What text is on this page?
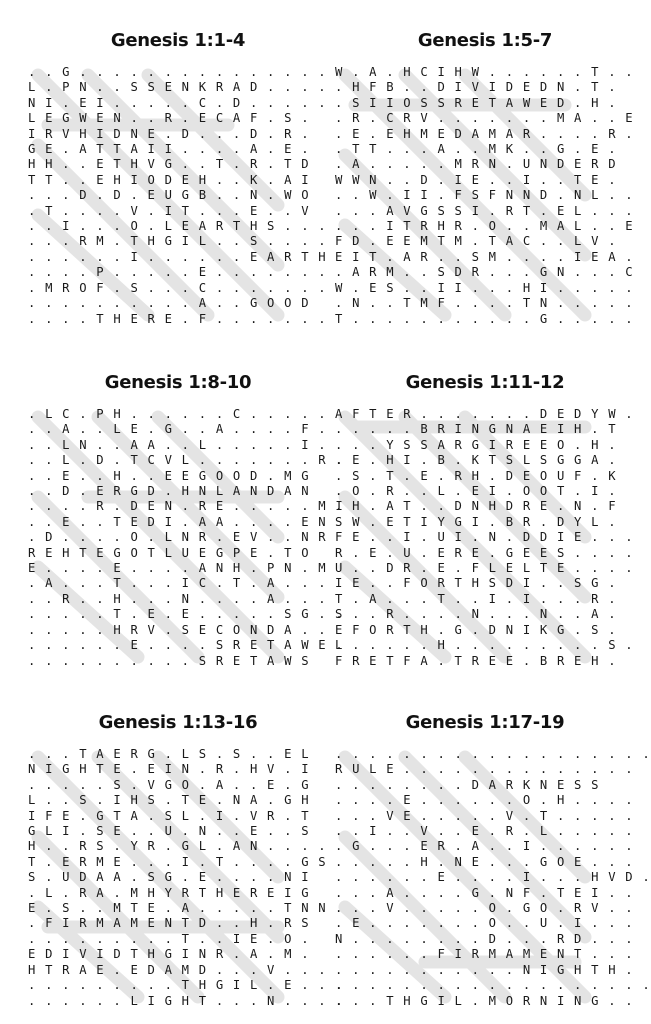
Genesis 1:1-4
. . G . . . . . . . . . . . . . . .
L . P N . . S S E N K R A D . . . .
N I . E I . . . . . C . D . . . . .
L E G W E N . . R . E C A F . S .
I R V H I D N E . D . . . D . R .
G E . A T T A I I . . . . A . E .
H H . . E T H V G . . T . R . T D
T T . . E H I O D E H . . K . A I
. . . D . D . E U G B . . N . W O
. T . . . . V . I T . . . E . . V
. . I . . . O . L E A R T H S . . .
. . . R M . T H G I L . . S . . . .
. . . . . . I . . . . . . E A R T H
. . . . P . . . . . E . . . . . . .
. M R O F . S . . . C . . . . . . .
. . . . . . . . . . A . . G O O D
. . . . T H E R E . F . . . . . . .
Genesis 1:5-7
W . A . H C I H W . . . . . . T . .
. H F B . . D I V I D E D N . T .
. S I I O S S R E T A W E D . H .
. R . C R V . . . . . . . M A . . E
. E . E H M E D A M A R . . . . R .
. T T . . . A . . M K . . G . E .
. A . . . . . M R N . U N D E R D
W W N . . D . I E . . I . . T E .
. . W . I I . F S F N N D . N L . .
. . . A V G S S I . R T . E L . . .
. . . I T R H R . O . . M A L . . E
F D . E E M T M . T A C . . L V .
E I T . A R . . S M . . . . I E A .
. A R M . . S D R . . . G N . . . C
W . E S . . I I . . . H I . . . . .
. N . . T M F . . . . T N . . . . .
T . . . . . . . . . . . G . . . . .
Genesis 1:8-10
. L C . P H . . . . . . C . . . . .
. . A . . L E . G . . A . . . . F .
. . L N . . A A . . L . . . . . I .
. . L . D . T C V L . . . . . . . R .
. . E . . H . . E E G O O D . M G
. . D . E R G D . H N L A N D A N
. . . . R . D E N . R E . . . . . M I
. . E . . T E D I . A A . . . . E N
. D . . . . O . L N R . E V . . N R
R E H T E G O T L U E G P E . T O
E . . . . E . . . . A N H . P N . M
. A . . . T . . . I C . T . A . . .
. . R . . H . . . N . . . . A . . .
. . . . . T . E . E . . . . . S G . .
. . . . . H R V . S E C O N D A . .
. . . . . . E . . . . S R E T A W E .
. . . . . . . . . . S R E T A W S
Genesis 1:11-12
A F T E R . . . . . . . D E D Y W .
. . . . . B R I N G N A E I H . T
. . . Y S S A R G I R E E O . H .
. E . H I . B . K T S L S G G A .
. S . T . E . R H . D E O U F . K
. O . R . . L . E I . O O T . I .
. H . A T . . D N H D R E . N . F
S W . E T I Y G I . B R . D Y L .
F E . . I . U I . N . D D I E . . .
R . E . U . E R E . G E E S . . . .
U . . D R . E . F L E L T E . . . .
I E . . F O R T H S D I . . S G .
T . A . . . T . . I . I . . . R .
S . . R . . . . N . . . N . . A .
E F O R T H . G . D N I K G . S .
L . . . . . H . . . . . . . . . S .
F R E T F A . T R E E . B R E H .
Genesis 1:13-16
. . . T A E R G . L S . S . . E L
N I G H T E . E I N . R . H V . I
. . . . . S . V G O . A . . E . G
L . . S . I H S . T E . N A . G H
I F E . G T A . S L . I . V R . T
G L I . S E . . U . N . . E . . S
H . . R S . Y R . G L . A N . . . .
T . E R M E . . . I . T . . . . G S
S . U D A A . S G . E . . . . N I
. L . R A . M H Y R T H E R E I G
E . S . . M T E . A . . . . . T N N
. F I R M A M E N T D . . H . R S
. . . . . . . . . T . . I E . O .
E D I V I D T H G I N R . A . M .
H T R A E . E D A M D . . . V . . .
. . . . . . . . . T H G I L . E . . .
. . . . . . L I G H T . . . N . . . .
Genesis 1:17-19
. . . . . . . . . . . . . . . . . . .
R U L E . . . . . . . . . . . . . .
. . . . . . . . D A R K N E S S
. . . . E . . . . . . O . H . . . .
. . . V E . . . . . V . T . . . . .
. . I . . V . . E . R . L . . . . .
. G . . . E R . A . . I . . . . . .
. . . . . H . N E . . . G O E . . .
. . . . . . E . . . . I . . . H V D .
. . . A . . . . G . N F . T E I . .
. . . V . . . . . O . G O . R V . .
. E . . . . . . . O . . U . I . . .
N . . . . . . . . D . . . R D . . .
. . . . . . F I R M A M E N T . . .
. . . . . . . . . . . N I G H T H .
. . . . . . . . . . . . . . . . . . .
. . . T H G I L . M O R N I N G . .
